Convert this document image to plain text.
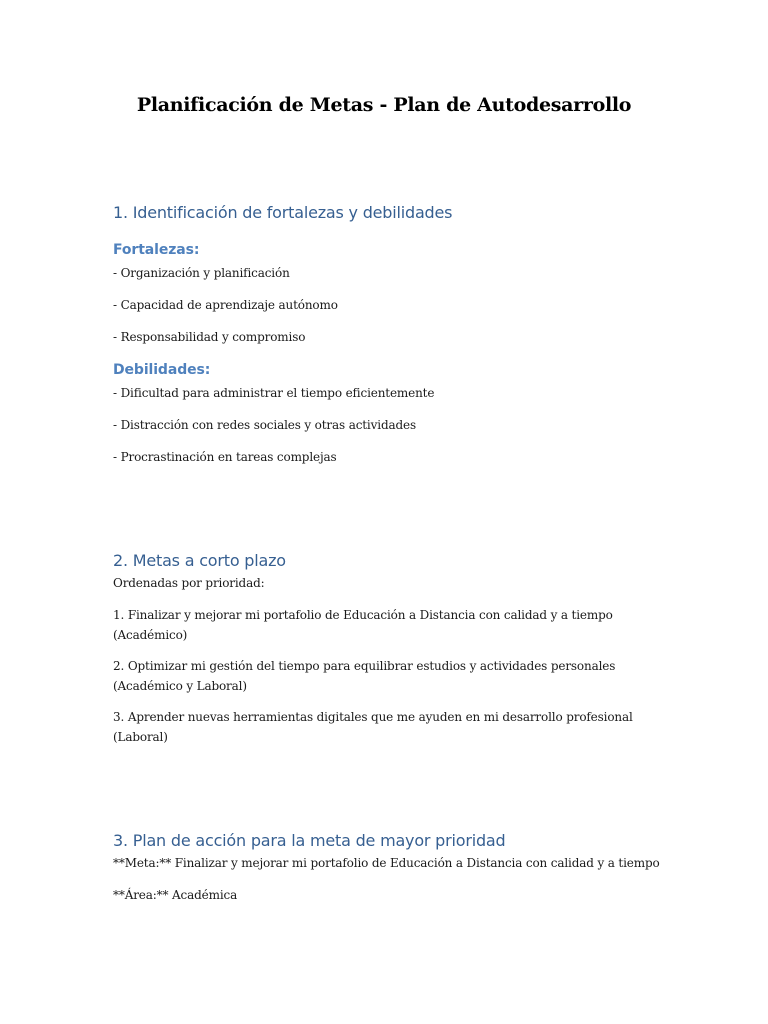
Planificación de Metas - Plan de Autodesarrollo
1. Identificación de fortalezas y debilidades
Fortalezas:

- Organización y planificación

- Capacidad de aprendizaje autónomo

- Responsabilidad y compromiso

Debilidades:

- Dificultad para administrar el tiempo eficientemente

- Distracción con redes sociales y otras actividades

- Procrastinación en tareas complejas

2. Metas a corto plazo

Ordenadas por prioridad:

1. Finalizar y mejorar mi portafolio de Educación a Distancia con calidad y a tiempo

(Académico)

2. Optimizar mi gestión del tiempo para equilibrar estudios y actividades personales

(Académico y Laboral)

3. Aprender nuevas herramientas digitales que me ayuden en mi desarrollo profesional

(Laboral)

3. Plan de acción para la meta de mayor prioridad

**Meta:** Finalizar y mejorar mi portafolio de Educación a Distancia con calidad y a tiempo

**Área:** Académica
